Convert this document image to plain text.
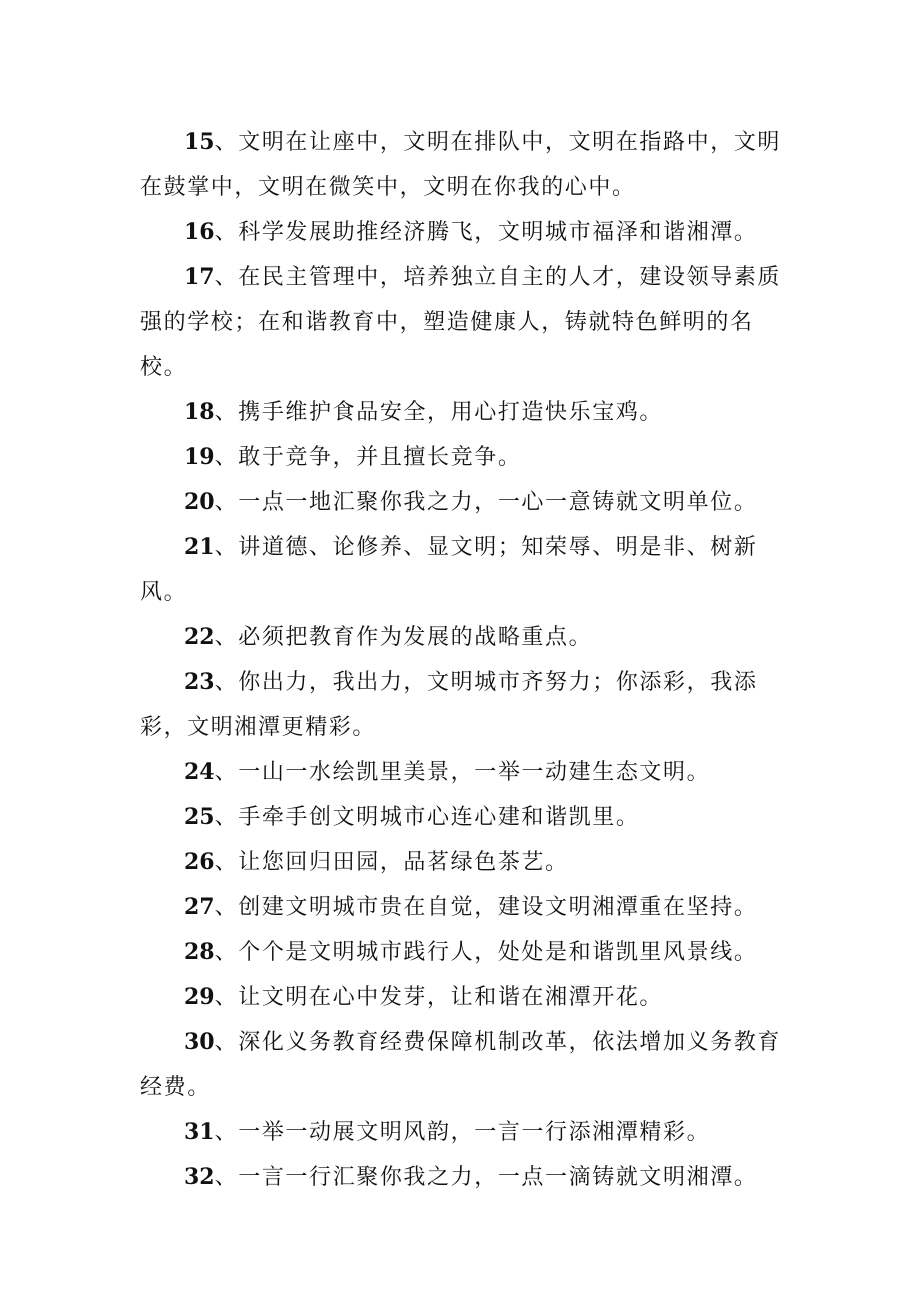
15、文明在让座中，文明在排队中，文明在指路中，文明在鼓掌中，文明在微笑中，文明在你我的心中。

16、科学发展助推经济腾飞，文明城市福泽和谐湘潭。

17、在民主管理中，培养独立自主的人才，建设领导素质强的学校；在和谐教育中，塑造健康人，铸就特色鲜明的名校。

18、携手维护食品安全，用心打造快乐宝鸡。

19、敢于竞争，并且擅长竞争。

20、一点一地汇聚你我之力，一心一意铸就文明单位。

21、讲道德、论修养、显文明；知荣辱、明是非、树新风。

22、必须把教育作为发展的战略重点。

23、你出力，我出力，文明城市齐努力；你添彩，我添彩，文明湘潭更精彩。

24、一山一水绘凯里美景，一举一动建生态文明。

25、手牵手创文明城市心连心建和谐凯里。

26、让您回归田园，品茗绿色茶艺。

27、创建文明城市贵在自觉，建设文明湘潭重在坚持。

28、个个是文明城市践行人，处处是和谐凯里风景线。

29、让文明在心中发芽，让和谐在湘潭开花。

30、深化义务教育经费保障机制改革，依法增加义务教育经费。

31、一举一动展文明风韵，一言一行添湘潭精彩。

32、一言一行汇聚你我之力，一点一滴铸就文明湘潭。
